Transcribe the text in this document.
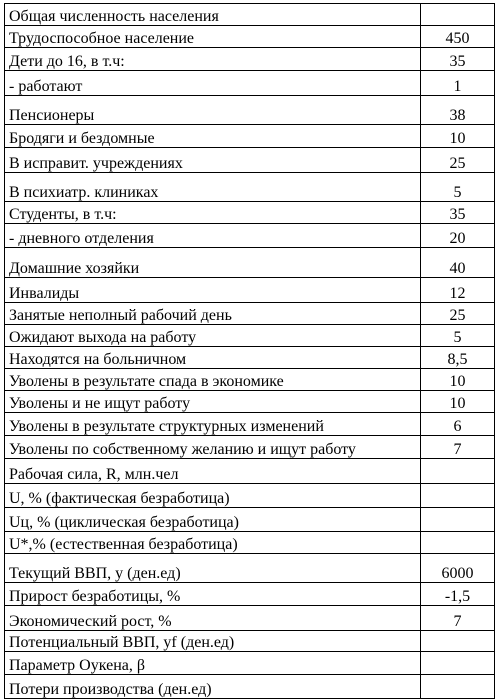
Общая численность населения	
Трудоспособное население	450
Дети до 16, в т.ч:	35
- работают	1
Пенсионеры	38
Бродяги и бездомные	10
В исправит. учреждениях	25
В психиатр. клиниках	5
Студенты, в т.ч:	35
- дневного отделения	20
Домашние хозяйки	40
Инвалиды	12
Занятые неполный рабочий день	25
Ожидают выхода на работу	5
Находятся на больничном	8,5
Уволены в результате спада в экономике	10
Уволены и не ищут работу	10
Уволены в результате структурных изменений	6
Уволены по собственному желанию и ищут работу	7
Рабочая сила, R, млн.чел	
U, % (фактическая безработица)	
Uц, % (циклическая безработица)	
U*,% (естественная безработица)	
Текущий ВВП, y (ден.ед)	6000
Прирост безработицы, %	-1,5
Экономический рост, %	7
Потенциальный ВВП, yf (ден.ед)	
Параметр Оукена, β	
Потери производства (ден.ед)	
